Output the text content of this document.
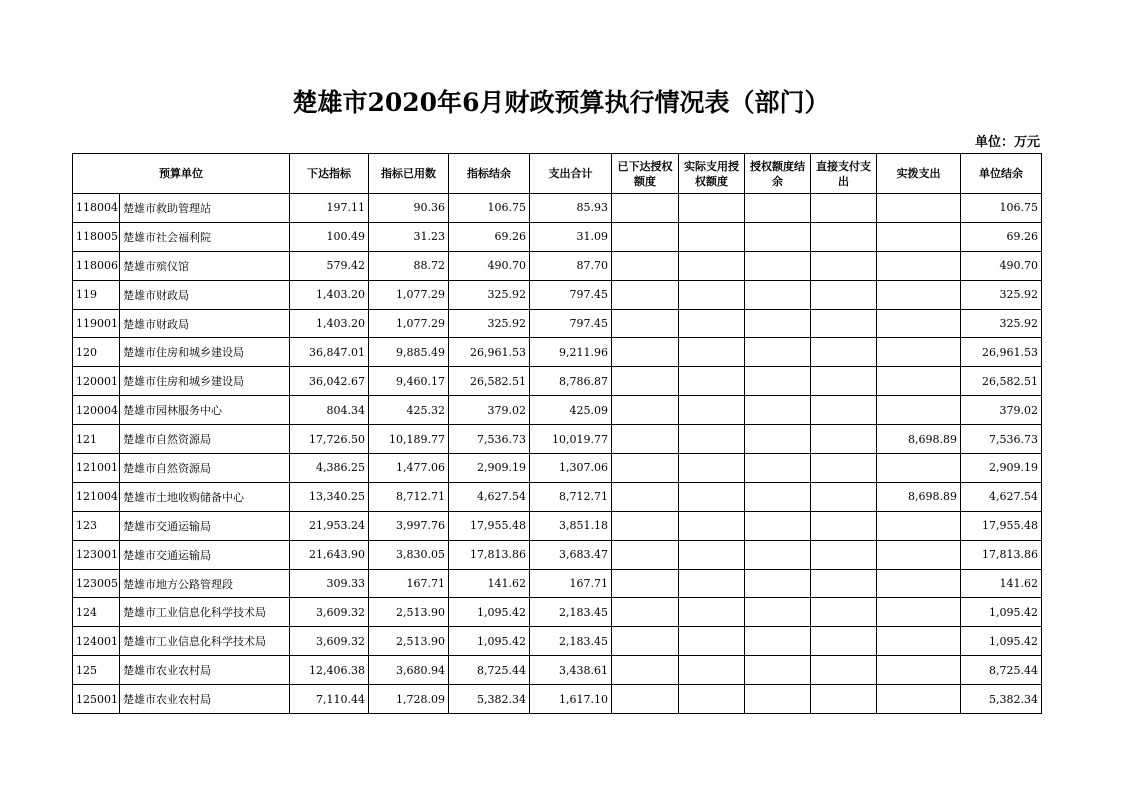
楚雄市2020年6月财政预算执行情况表（部门）
单位：万元
预算单位		下达指标	指标已用数	指标结余	支出合计	已下达授权额度	实际支用授权额度	授权额度结余	直接支付支出	实拨支出	单位结余
118004	楚雄市救助管理站	197.11	90.36	106.75	85.93						106.75
118005	楚雄市社会福利院	100.49	31.23	69.26	31.09						69.26
118006	楚雄市殡仪馆	579.42	88.72	490.70	87.70						490.70
119	楚雄市财政局	1,403.20	1,077.29	325.92	797.45						325.92
119001	楚雄市财政局	1,403.20	1,077.29	325.92	797.45						325.92
120	楚雄市住房和城乡建设局	36,847.01	9,885.49	26,961.53	9,211.96						26,961.53
120001	楚雄市住房和城乡建设局	36,042.67	9,460.17	26,582.51	8,786.87						26,582.51
120004	楚雄市园林服务中心	804.34	425.32	379.02	425.09						379.02
121	楚雄市自然资源局	17,726.50	10,189.77	7,536.73	10,019.77					8,698.89	7,536.73
121001	楚雄市自然资源局	4,386.25	1,477.06	2,909.19	1,307.06						2,909.19
121004	楚雄市土地收购储备中心	13,340.25	8,712.71	4,627.54	8,712.71					8,698.89	4,627.54
123	楚雄市交通运输局	21,953.24	3,997.76	17,955.48	3,851.18						17,955.48
123001	楚雄市交通运输局	21,643.90	3,830.05	17,813.86	3,683.47						17,813.86
123005	楚雄市地方公路管理段	309.33	167.71	141.62	167.71						141.62
124	楚雄市工业信息化科学技术局	3,609.32	2,513.90	1,095.42	2,183.45						1,095.42
124001	楚雄市工业信息化科学技术局	3,609.32	2,513.90	1,095.42	2,183.45						1,095.42
125	楚雄市农业农村局	12,406.38	3,680.94	8,725.44	3,438.61						8,725.44
125001	楚雄市农业农村局	7,110.44	1,728.09	5,382.34	1,617.10						5,382.34
